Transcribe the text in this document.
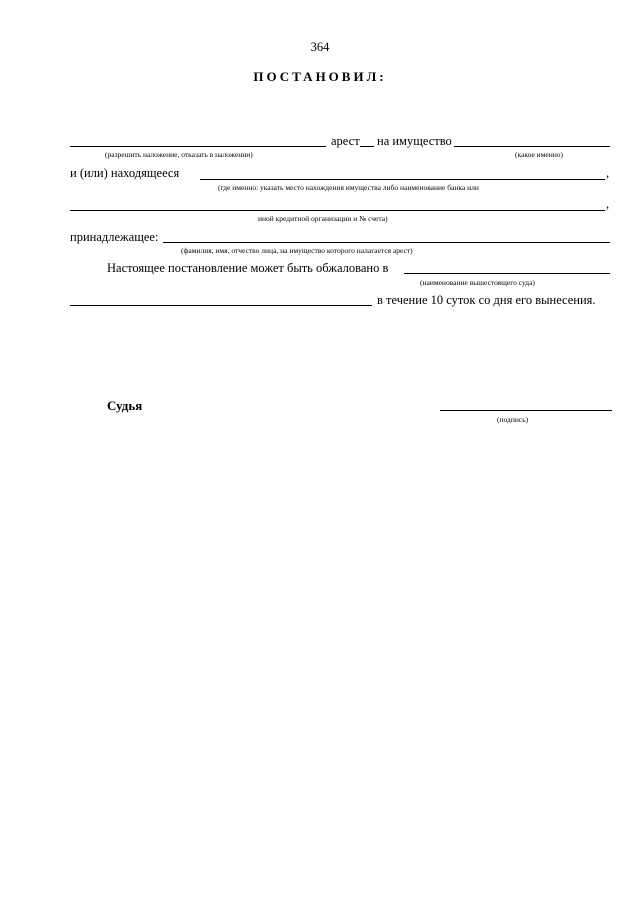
364
ПОСТАНОВИЛ:
арест на имущество
(разрешить наложение, отказать в наложении)	(какое именно)
и (или) находящееся	,
(где именно: указать место нахождения имущества либо наименование банка или
,
иной кредитной организации и № счета)
принадлежащее:
(фамилия, имя, отчество лица, на имущество которого налагается арест)
Настоящее постановление может быть обжаловано в
(наименование вышестоящего суда)
в течение 10 суток со дня его вынесения.
Судья
(подпись)
